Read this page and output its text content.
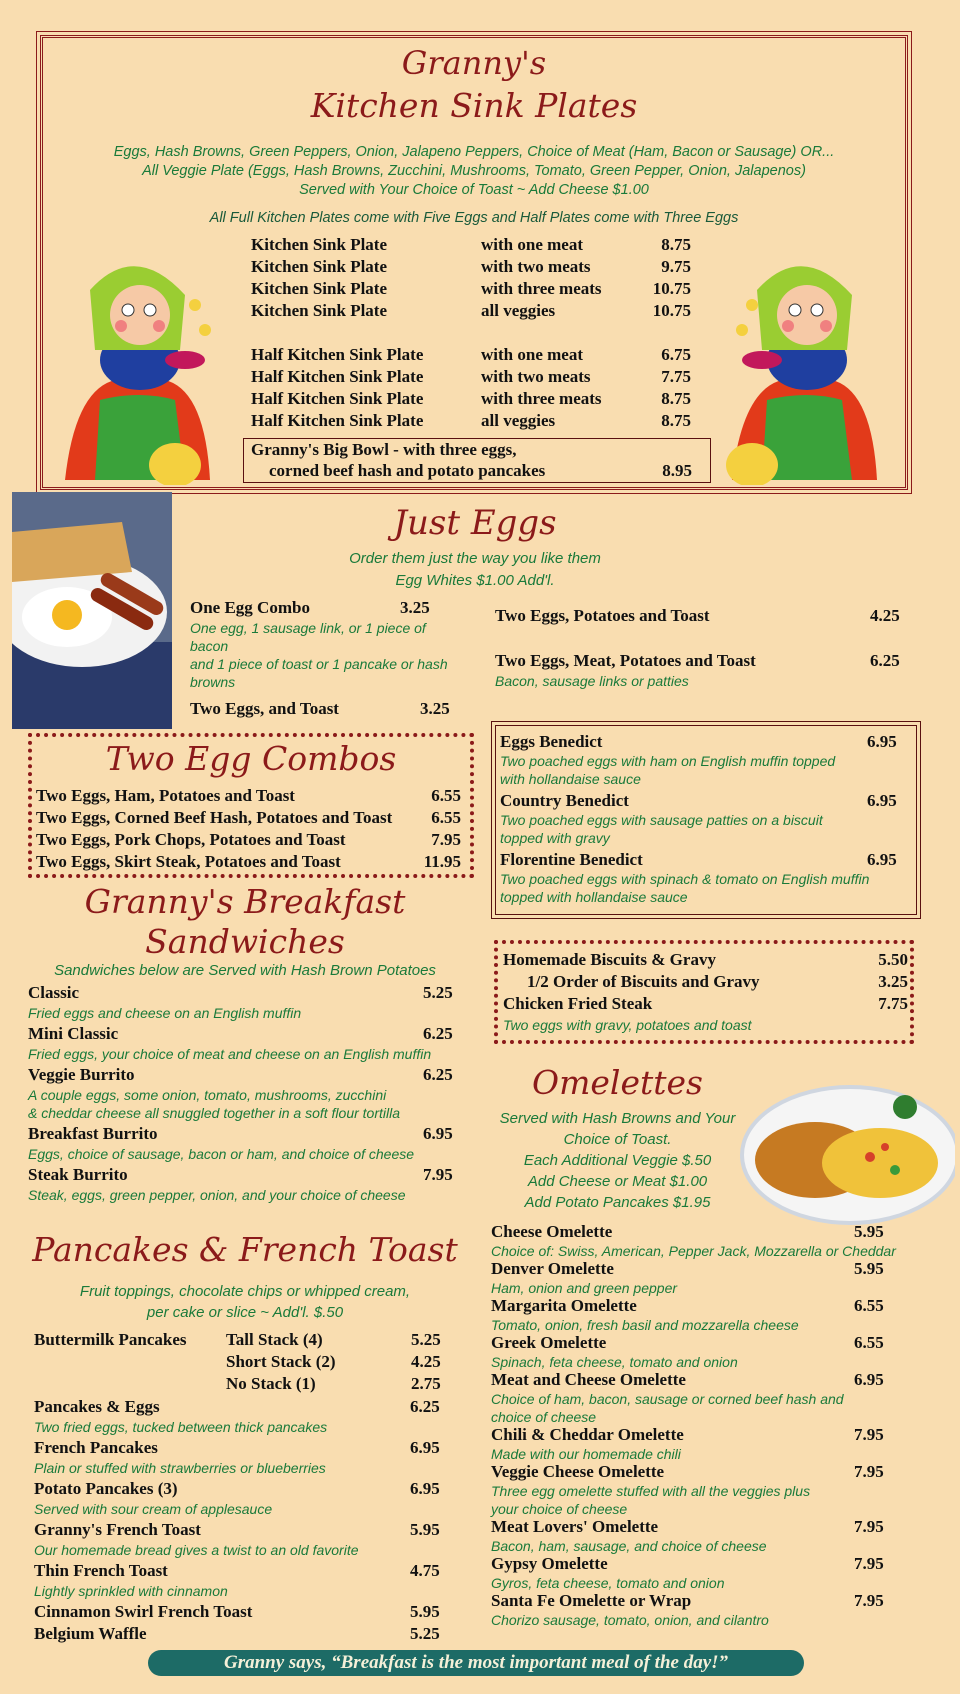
Granny's
Kitchen Sink Plates
Eggs, Hash Browns, Green Peppers, Onion, Jalapeno Peppers, Choice of Meat (Ham, Bacon or Sausage) OR...
All Veggie Plate (Eggs, Hash Browns, Zucchini, Mushrooms, Tomato, Green Pepper, Onion, Jalapenos)
Served with Your Choice of Toast ~ Add Cheese $1.00
All Full Kitchen Plates come with Five Eggs and Half Plates come with Three Eggs
Kitchen Sink Plate	with one meat	8.75
Kitchen Sink Plate	with two meats	9.75
Kitchen Sink Plate	with three meats	10.75
Kitchen Sink Plate	all veggies	10.75
Half Kitchen Sink Plate	with one meat	6.75
Half Kitchen Sink Plate	with two meats	7.75
Half Kitchen Sink Plate	with three meats	8.75
Half Kitchen Sink Plate	all veggies	8.75
Granny's Big Bowl - with three eggs,
corned beef hash and potato pancakes	8.95
Just Eggs
Order them just the way you like them
Egg Whites $1.00 Add'l.
One Egg Combo	3.25
One egg, 1 sausage link, or 1 piece of bacon
and 1 piece of toast or 1 pancake or hash
browns
Two Eggs, and Toast	3.25
Two Eggs, Potatoes and Toast	4.25
Two Eggs, Meat, Potatoes and Toast	6.25
Bacon, sausage links or patties
Two Egg Combos
Two Eggs, Ham, Potatoes and Toast	6.55
Two Eggs, Corned Beef Hash, Potatoes and Toast	6.55
Two Eggs, Pork Chops, Potatoes and Toast	7.95
Two Eggs, Skirt Steak, Potatoes and Toast	11.95
Eggs Benedict	6.95
Two poached eggs with ham on English muffin topped
with hollandaise sauce
Country Benedict	6.95
Two poached eggs with sausage patties on a biscuit
topped with gravy
Florentine Benedict	6.95
Two poached eggs with spinach & tomato on English muffin
topped with hollandaise sauce
Granny's Breakfast
Sandwiches
Sandwiches below are Served with Hash Brown Potatoes
Classic	5.25
Fried eggs and cheese on an English muffin
Mini Classic	6.25
Fried eggs, your choice of meat and cheese on an English muffin
Veggie Burrito	6.25
A couple eggs, some onion, tomato, mushrooms, zucchini
& cheddar cheese all snuggled together in a soft flour tortilla
Breakfast Burrito	6.95
Eggs, choice of sausage, bacon or ham, and choice of cheese
Steak Burrito	7.95
Steak, eggs, green pepper, onion, and your choice of cheese
Homemade Biscuits & Gravy	5.50
1/2 Order of Biscuits and Gravy	3.25
Chicken Fried Steak	7.75
Two eggs with gravy, potatoes and toast
Omelettes
Served with Hash Browns and Your
Choice of Toast.
Each Additional Veggie $.50
Add Cheese or Meat $1.00
Add Potato Pancakes $1.95
Cheese Omelette	5.95
Choice of: Swiss, American, Pepper Jack, Mozzarella or Cheddar
Denver Omelette	5.95
Ham, onion and green pepper
Margarita Omelette	6.55
Tomato, onion, fresh basil and mozzarella cheese
Greek Omelette	6.55
Spinach, feta cheese, tomato and onion
Meat and Cheese Omelette	6.95
Choice of ham, bacon, sausage or corned beef hash and
choice of cheese
Chili & Cheddar Omelette	7.95
Made with our homemade chili
Veggie Cheese Omelette	7.95
Three egg omelette stuffed with all the veggies plus
your choice of cheese
Meat Lovers' Omelette	7.95
Bacon, ham, sausage, and choice of cheese
Gypsy Omelette	7.95
Gyros, feta cheese, tomato and onion
Santa Fe Omelette or Wrap	7.95
Chorizo sausage, tomato, onion, and cilantro
Pancakes & French Toast
Fruit toppings, chocolate chips or whipped cream,
per cake or slice ~ Add'l. $.50
Buttermilk Pancakes Tall Stack (4)	5.25
Short Stack (2)	4.25
No Stack (1)	2.75
Pancakes & Eggs	6.25
Two fried eggs, tucked between thick pancakes
French Pancakes	6.95
Plain or stuffed with strawberries or blueberries
Potato Pancakes (3)	6.95
Served with sour cream of applesauce
Granny's French Toast	5.95
Our homemade bread gives a twist to an old favorite
Thin French Toast	4.75
Lightly sprinkled with cinnamon
Cinnamon Swirl French Toast	5.95
Belgium Waffle	5.25
Granny says, “Breakfast is the most important meal of the day!”
